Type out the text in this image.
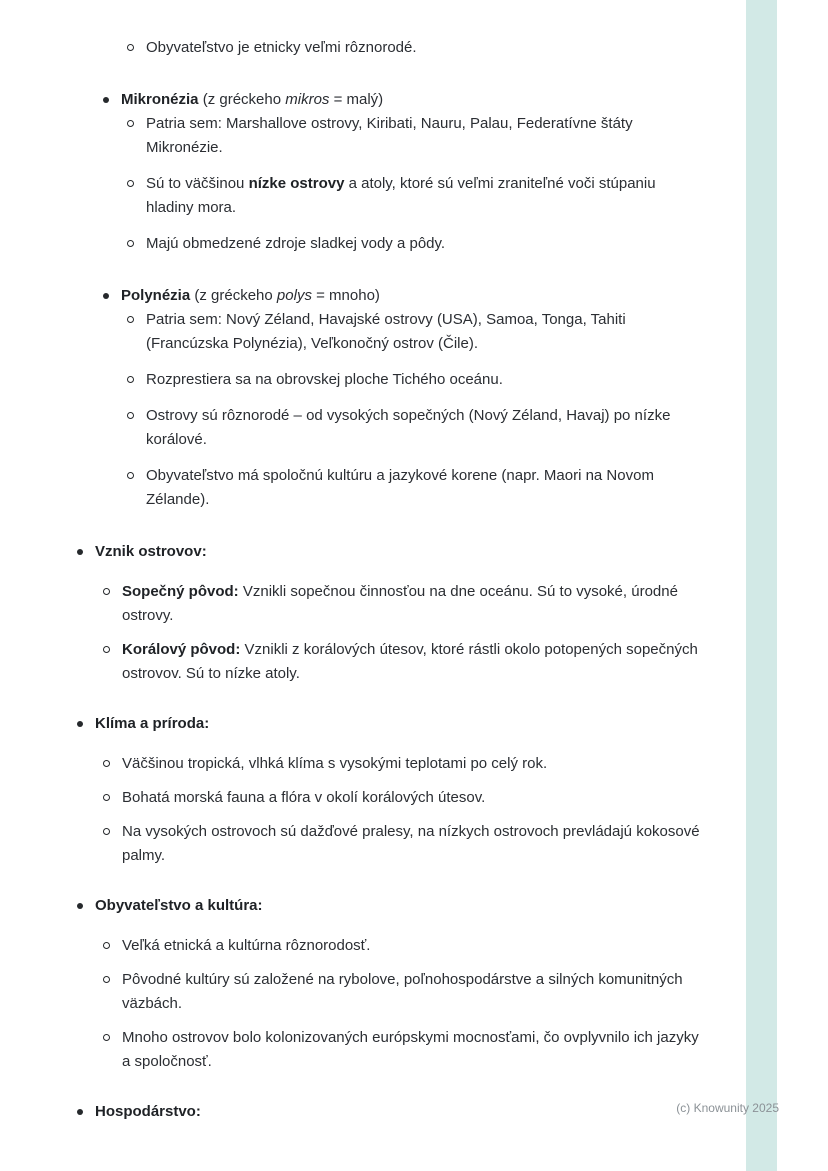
Obyvateľstvo je etnicky veľmi rôznorodé.
Mikronézia (z gréckeho mikros = malý)
Patria sem: Marshallove ostrovy, Kiribati, Nauru, Palau, Federatívne štáty Mikronézie.
Sú to väčšinou nízke ostrovy a atoly, ktoré sú veľmi zraniteľné voči stúpaniu hladiny mora.
Majú obmedzené zdroje sladkej vody a pôdy.
Polynézia (z gréckeho polys = mnoho)
Patria sem: Nový Zéland, Havajské ostrovy (USA), Samoa, Tonga, Tahiti (Francúzska Polynézia), Veľkonočný ostrov (Čile).
Rozprestiera sa na obrovskej ploche Tichého oceánu.
Ostrovy sú rôznorodé – od vysokých sopečných (Nový Zéland, Havaj) po nízke korálové.
Obyvateľstvo má spoločnú kultúru a jazykové korene (napr. Maori na Novom Zélande).
Vznik ostrovov:
Sopečný pôvod: Vznikli sopečnou činnosťou na dne oceánu. Sú to vysoké, úrodné ostrovy.
Korálový pôvod: Vznikli z korálových útesov, ktoré rástli okolo potopených sopečných ostrovov. Sú to nízke atoly.
Klíma a príroda:
Väčšinou tropická, vlhká klíma s vysokými teplotami po celý rok.
Bohatá morská fauna a flóra v okolí korálových útesov.
Na vysokých ostrovoch sú dažďové pralesy, na nízkych ostrovoch prevládajú kokosové palmy.
Obyvateľstvo a kultúra:
Veľká etnická a kultúrna rôznorodosť.
Pôvodné kultúry sú založené na rybolove, poľnohospodárstve a silných komunitných väzbách.
Mnoho ostrovov bolo kolonizovaných európskymi mocnosťami, čo ovplyvnilo ich jazyky a spoločnosť.
Hospodárstvo:	(c) Knowunity 2025
